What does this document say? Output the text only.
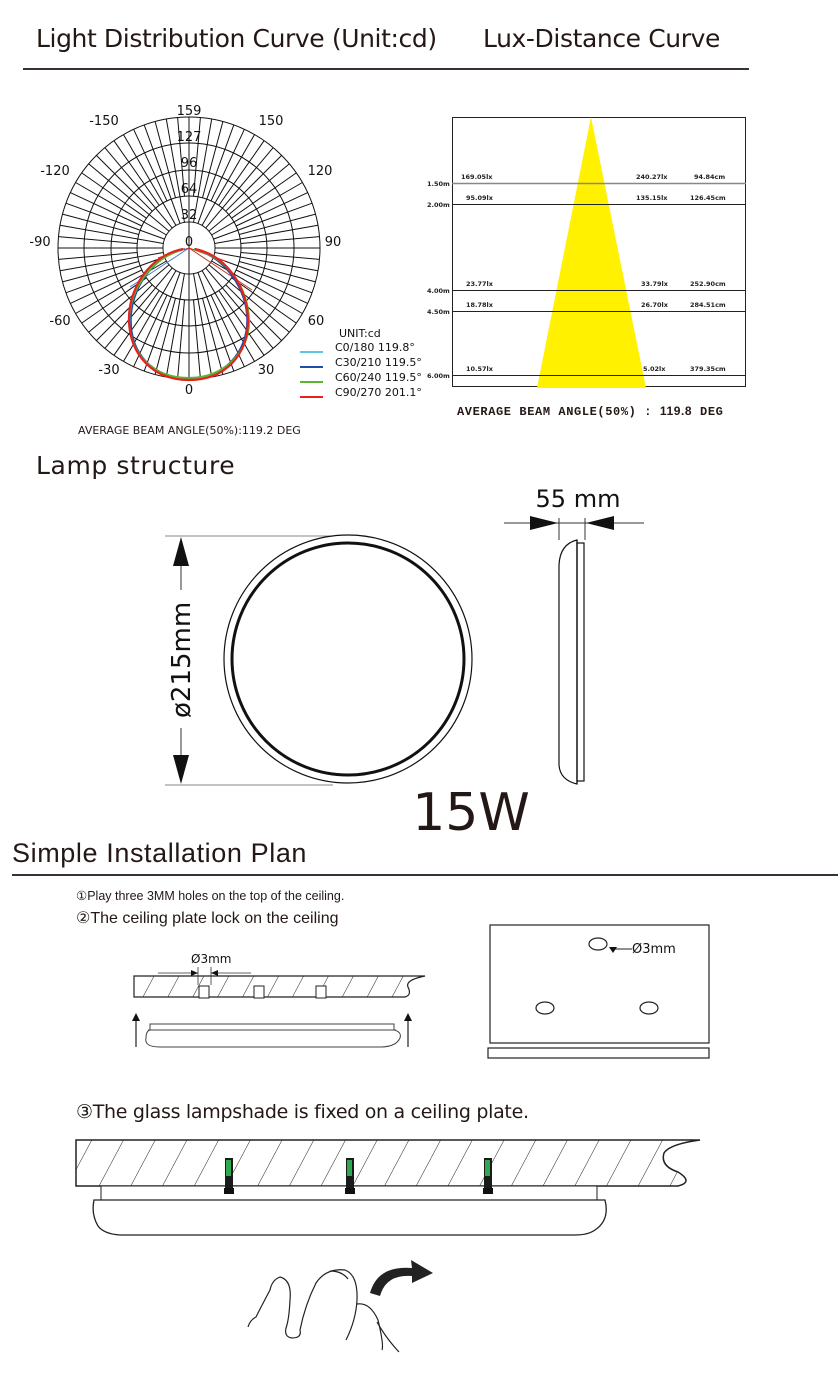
Light Distribution Curve (Unit:cd) Lux-Distance Curve
159
127
96
64
32
0
-150	150
-120	120
-90	90
-60	60
-30	30
0
UNIT:cd
C0/180 119.8°
C30/210 119.5°
C60/240 119.5°
C90/270 201.1°
AVERAGE BEAM ANGLE(50%):119.2 DEG
1.50m
169.05lx	240.27lx	94.84cm
2.00m
95.09lx	135.15lx	126.45cm
4.00m
23.77lx	33.79lx	252.90cm
4.50m
18.78lx	26.70lx	284.51cm
6.00m
10.57lx	5.02lx	379.35cm
AVERAGE BEAM ANGLE(50%) : 119.8 DEG
Lamp structure
ø215mm
55 mm
15W
Simple Installation Plan
①Play three 3MM holes on the top of the ceiling.
②The ceiling plate lock on the ceiling
Ø3mm
Ø3mm
③The glass lampshade is fixed on a ceiling plate.
